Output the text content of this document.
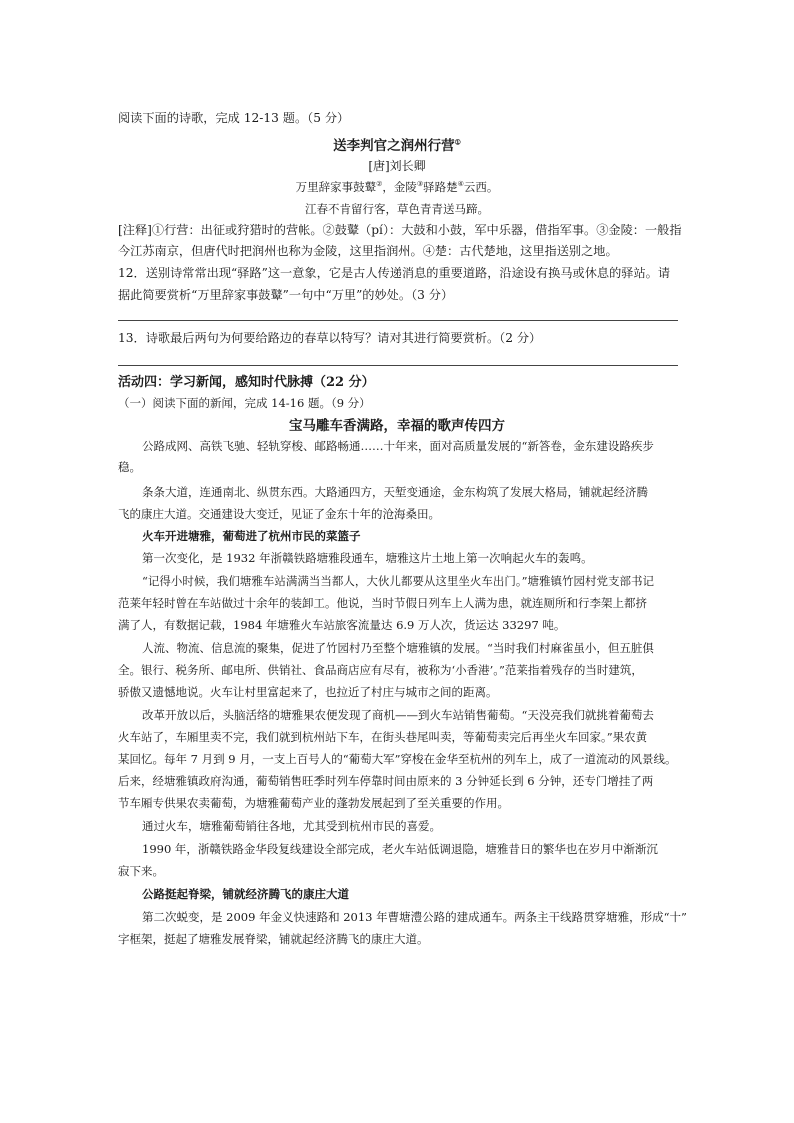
阅读下面的诗歌，完成 12-13 题。（5 分）
送李判官之润州行营①
[唐]刘长卿
万里辞家事鼓鼙②，金陵③驿路楚④云西。
江春不肯留行客，草色青青送马蹄。
[注释]①行营：出征或狩猎时的营帐。②鼓鼙（pí）：大鼓和小鼓，军中乐器，借指军事。③金陵：一般指
今江苏南京，但唐代时把润州也称为金陵，这里指润州。④楚：古代楚地，这里指送别之地。
12．送别诗常常出现“驿路”这一意象，它是古人传递消息的重要道路，沿途设有换马或休息的驿站。请
据此简要赏析“万里辞家事鼓鼙”一句中“万里”的妙处。（3 分）
13．诗歌最后两句为何要给路边的春草以特写？请对其进行简要赏析。（2 分）
活动四：学习新闻，感知时代脉搏（22 分）
（一）阅读下面的新闻，完成 14-16 题。（9 分）
宝马雕车香满路，幸福的歌声传四方
公路成网、高铁飞驰、轻轨穿梭、邮路畅通……十年来，面对高质量发展的“新答卷，金东建设路疾步
稳。
条条大道，连通南北、纵贯东西。大路通四方，天堑变通途，金东构筑了发展大格局，铺就起经济腾
飞的康庄大道。交通建设大变迁，见证了金东十年的沧海桑田。
火车开进塘雅，葡萄进了杭州市民的菜篮子
第一次变化，是 1932 年浙赣铁路塘雅段通车，塘雅这片土地上第一次响起火车的轰鸣。
“记得小时候，我们塘雅车站满满当当都人，大伙儿都要从这里坐火车出门。”塘雅镇竹园村党支部书记
范莱年轻时曾在车站做过十余年的装卸工。他说，当时节假日列车上人满为患，就连厕所和行李架上都挤
满了人，有数据记载，1984 年塘雅火车站旅客流量达 6.9 万人次，货运达 33297 吨。
人流、物流、信息流的聚集，促进了竹园村乃至整个塘雅镇的发展。“当时我们村麻雀虽小，但五脏俱
全。银行、税务所、邮电所、供销社、食品商店应有尽有，被称为‘小香港’。”范莱指着残存的当时建筑，
骄傲又遗憾地说。火车让村里富起来了，也拉近了村庄与城市之间的距离。
改革开放以后，头脑活络的塘雅果农便发现了商机——到火车站销售葡萄。“天没亮我们就挑着葡萄去
火车站了，车厢里卖不完，我们就到杭州站下车，在街头巷尾叫卖，等葡萄卖完后再坐火车回家。”果农黄
某回忆。每年 7 月到 9 月，一支上百号人的“葡萄大军”穿梭在金华至杭州的列车上，成了一道流动的风景线。
后来，经塘雅镇政府沟通，葡萄销售旺季时列车停靠时间由原来的 3 分钟延长到 6 分钟，还专门增挂了两
节车厢专供果农卖葡萄，为塘雅葡萄产业的蓬勃发展起到了至关重要的作用。
通过火车，塘雅葡萄销往各地，尤其受到杭州市民的喜爱。
1990 年，浙赣铁路金华段复线建设全部完成，老火车站低调退隐，塘雅昔日的繁华也在岁月中渐渐沉
寂下来。
公路挺起脊梁，铺就经济腾飞的康庄大道
第二次蜕变，是 2009 年金义快速路和 2013 年曹塘澧公路的建成通车。两条主干线路贯穿塘雅，形成“十”
字框架，挺起了塘雅发展脊梁，铺就起经济腾飞的康庄大道。
